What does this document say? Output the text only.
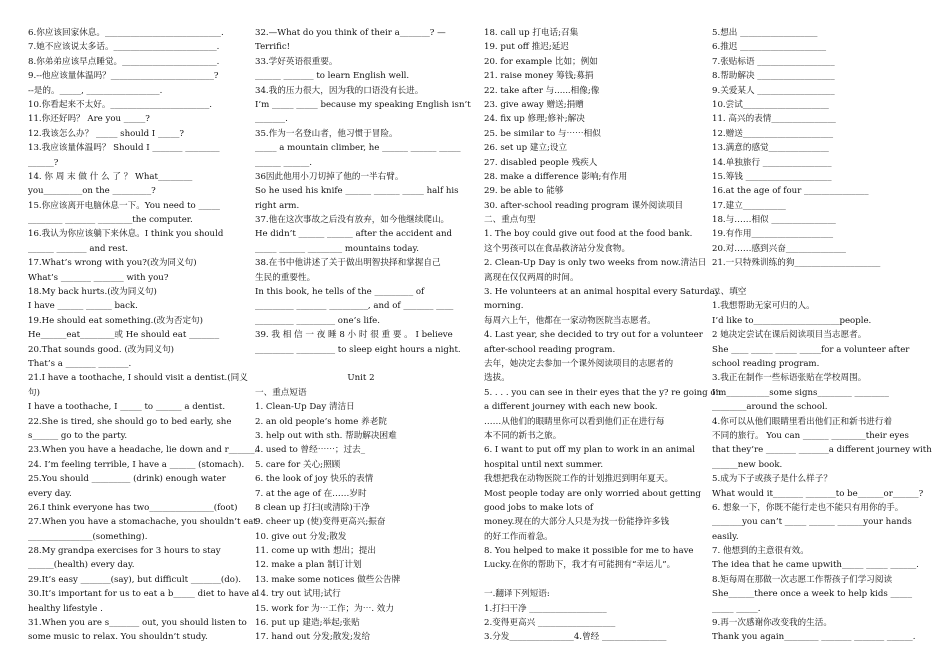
6.你应该回家休息。___________________________.
7.她不应该说太多话。________________________.
8.你弟弟应该早点睡觉。______________________.
9.--他应该量体温吗？________________________?
--是的。_____, _________________.
10.你看起来不太好。_______________________.
11.你还好吗？ Are you _____?
12.我该怎么办？ _____ should I _____?
13.我应该量体温吗？ Should I _______ ________
______?
14. 你 周 末 做 什 么 了 ？ What________
you_________on the _________?
15.你应该离开电脑休息一下。You need to _____
________ _______ ________the computer.
16.我认为你应该躺下来休息。I think you should
______ _______ and rest.
17.What’s wrong with you?(改为同义句)
What’s _______ _______ with you?
18.My back hurts.(改为同义句)
I have ______ ______ back.
19.He should eat something.(改为否定句)
He______eat________或 He should eat _______
20.That sounds good. (改为同义句)
That’s a _______ _______.
21.I have a toothache, I should visit a dentist.(同义
句)
I have a toothache, I _____ to ______ a dentist.
22.She is tired, she should go to bed early, she
s______ go to the party.
23.When you have a headache, lie down and r______.
24. I’m feeling terrible, I have a ______ (stomach).
25.You should _________ (drink) enough water
every day.
26.I think everyone has two_______________(foot)
27.When you have a stomachache, you shouldn’t eat
_______________(something).
28.My grandpa exercises for 3 hours to stay
______(health) every day.
29.It’s easy _______(say), but difficult _______(do).
30.It’s important for us to eat a b_____ diet to have a
healthy lifestyle .
31.When you are s_______ out, you should listen to
some music to relax. You shouldn’t study.
32.—What do you think of their a_______? —
Terrific!
33.学好英语很重要。
______ _______ to learn English well.
34.我的压力很大，因为我的口语没有长进。
I’m _____ _____ because my speaking English isn’t
_______.
35.作为一名登山者，他习惯于冒险。
_____ a mountain climber, he ______ ______ _____
______ ______.
36因此他用小刀切掉了他的一半右臂。
So he used his knife ______ ______ _____ half his
right arm.
37.他在这次事故之后没有放弃，如今他继续爬山。
He didn’t ______ ______ after the accident and
_____ ______ ________ mountains today.
38.在书中他讲述了关于做出明智抉择和掌握自己
生民的重要性。
In this book, he tells of the _________ of
_________ _______ _________, and of _______ ____
_________ _________ one’s life.
39. 我 相 信 一 夜 睡 8 小 时 很 重 要 。 I believe
_________ _________ to sleep eight hours a night.

Unit 2
一、重点短语
1. Clean-Up Day 清洁日
2. an old people’s home 养老院
3. help out with sth. 帮助解决困难
4. used to 曾经⋯⋯；过去_
5. care for 关心;照顾
6. the look of joy 快乐的表情
7. at the age of 在……岁时
8 clean up 打扫(或清除)干净
9. cheer up (使)变得更高兴;振奋
10. give out 分发;散发
11. come up with 想出；提出
12. make a plan 制订计划
13. make some notices 做些公告牌
14. try out 试用;试行
15. work for 为⋯工作；为⋯. 效力
16. put up 建造;举起;张贴
17. hand out 分发;散发;发给
18. call up 打电话;召集
19. put off 推迟;延迟
20. for example 比如；例如
21. raise money 筹钱;募捐
22. take after 与......相像;像
23. give away 赠送;捐赠
24. fix up 修理;修补;解决
25. be similar to 与⋯⋯相似
26. set up 建立;设立
27. disabled people 残疾人
28. make a difference 影响;有作用
29. be able to 能够
30. after-school reading program 课外阅读项目
二、重点句型
1. The boy could give out food at the food bank.
这个男孩可以在食品救济站分发食物。
2. Clean-Up Day is only two weeks from now.清洁日
离现在仅仅两周的时间。
3. He volunteers at an animal hospital every Saturday
morning.
每周六上午，他都在一家动物医院当志愿者。
4. Last year, she decided to try out for a volunteer
after-school reading program.
去年，她决定去参加一个课外阅读项目的志愿者的
选拔。
5. . . . you can see in their eyes that the y? re going on
a different journey with each new book.
……从他们的眼睛里你可以看到他们正在进行每
本不同的新书之旅。
6. I want to put off my plan to work in an animal
hospital until next summer.
我想把我在动物医院工作的计划推迟到明年夏天。
Most people today are only worried about getting
good jobs to make lots of
money.现在的大部分人只是为找一份能挣许多钱
的好工作而着急。
8. You helped to make it possible for me to have
Lucky.在你的帮助下，我才有可能拥有“幸运儿”。

一.翻译下列短语:
1.打扫干净 __________________
2.变得更高兴 __________________
3.分发_______________4.曾经 _______________
5.想出 __________________
6.推迟 ____________________
7.张贴标语 __________________
8.帮助解决 __________________
9.关爱某人 __________________
10.尝试____________________
11. 高兴的表情_______________
12.赠送_____________________
13.满意的感觉______________
14.单独旅行 ________________
15.筹钱 ____________________
16.at the age of four _______________
17.建立__________
18.与……相似 _______________
19.有作用___________________
20.对……感到兴奋______________
21.一只特殊训练的狗____________________

二、填空
1.我想帮助无家可归的人。
I’d like to____________________people.
2 她决定尝试在课后阅读项目当志愿者。
She ____ _____ _____ _____for a volunteer after
school reading program.
3.我正在制作一些标语张贴在学校周围。
I’m__________some signs________ ________
________around the school.
4.你可以从他们眼睛里看出他们正和新书进行着
不同的旅行。 You can ______ ________their eyes
that they’re _______ _______a different journey with
______new book.
5.成为下子或孩子是什么样子？
What would it_______ _______to be______or______?
6. 想象一下，你既不能行走也不能只有用你的手。
_______you can’t _____ ______ ______your hands
easily.
7. 他想到的主意很有效。
The idea that he came upwith_____ _____ ______.
8.矩每周在那做一次志愿工作帮孩子们学习阅读
She______there once a week to help kids _____
_____ _____.
9.再一次感谢你改变我的生活。
Thank you again________ _______ _______ ______.
